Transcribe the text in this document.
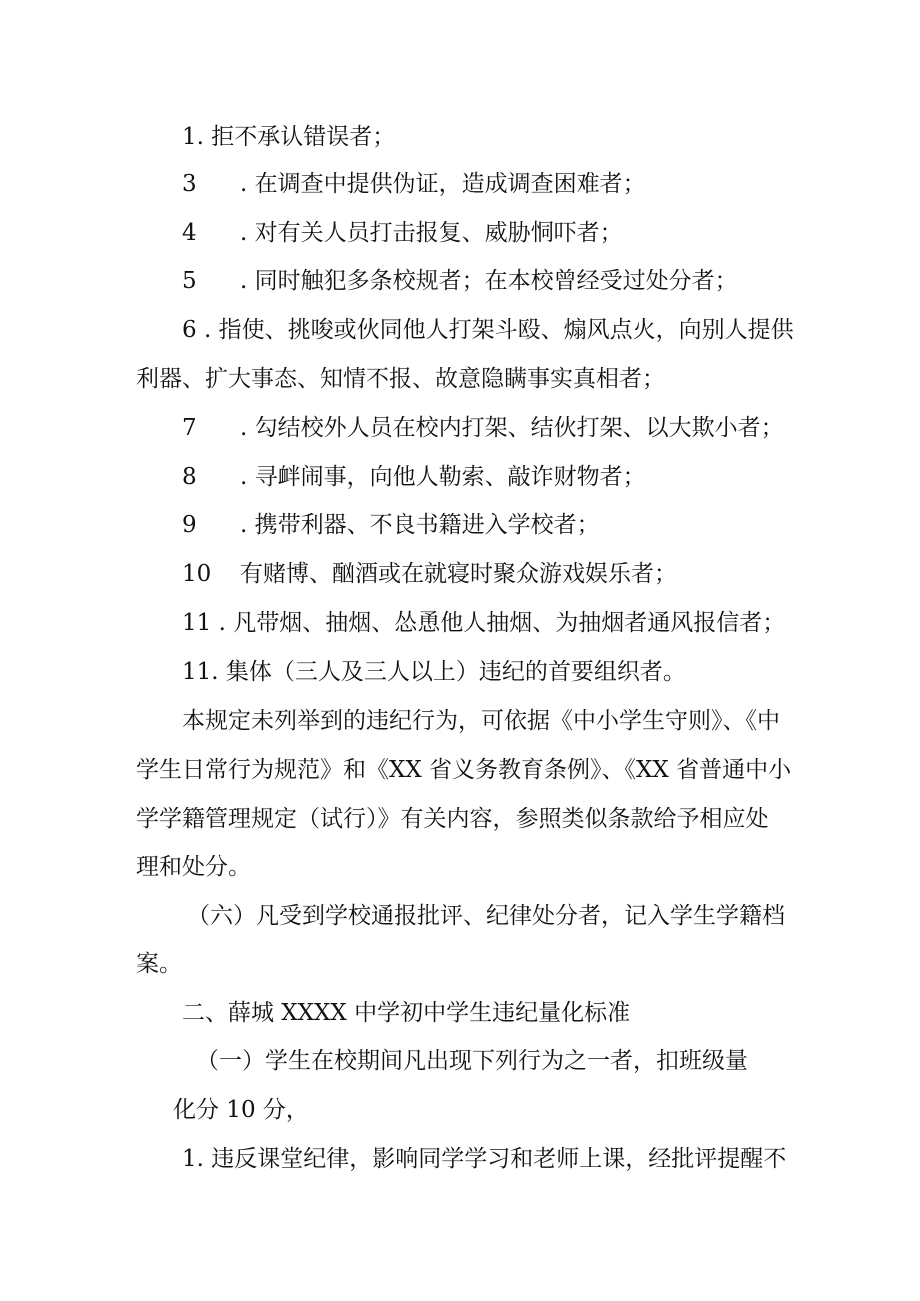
1. 拒不承认错误者；
3 . 在调查中提供伪证，造成调查困难者；
4 . 对有关人员打击报复、威胁恫吓者；
5 . 同时触犯多条校规者；在本校曾经受过处分者；
6 . 指使、挑唆或伙同他人打架斗殴、煽风点火，向别人提供
利器、扩大事态、知情不报、故意隐瞒事实真相者；
7 . 勾结校外人员在校内打架、结伙打架、以大欺小者；
8 . 寻衅闹事，向他人勒索、敲诈财物者；
9 . 携带利器、不良书籍进入学校者；
10 有赌博、酗酒或在就寝时聚众游戏娱乐者；
11 . 凡带烟、抽烟、怂恿他人抽烟、为抽烟者通风报信者；
11. 集体（三人及三人以上）违纪的首要组织者。
本规定未列举到的违纪行为，可依据《中小学生守则》、《中
学生日常行为规范》和《XX 省义务教育条例》、《XX 省普通中小
学学籍管理规定（试行）》有关内容，参照类似条款给予相应处
理和处分。
（六）凡受到学校通报批评、纪律处分者，记入学生学籍档
案。
二、薛城 XXXX 中学初中学生违纪量化标准
（一）学生在校期间凡出现下列行为之一者，扣班级量
化分 10 分，
1. 违反课堂纪律，影响同学学习和老师上课，经批评提醒不
